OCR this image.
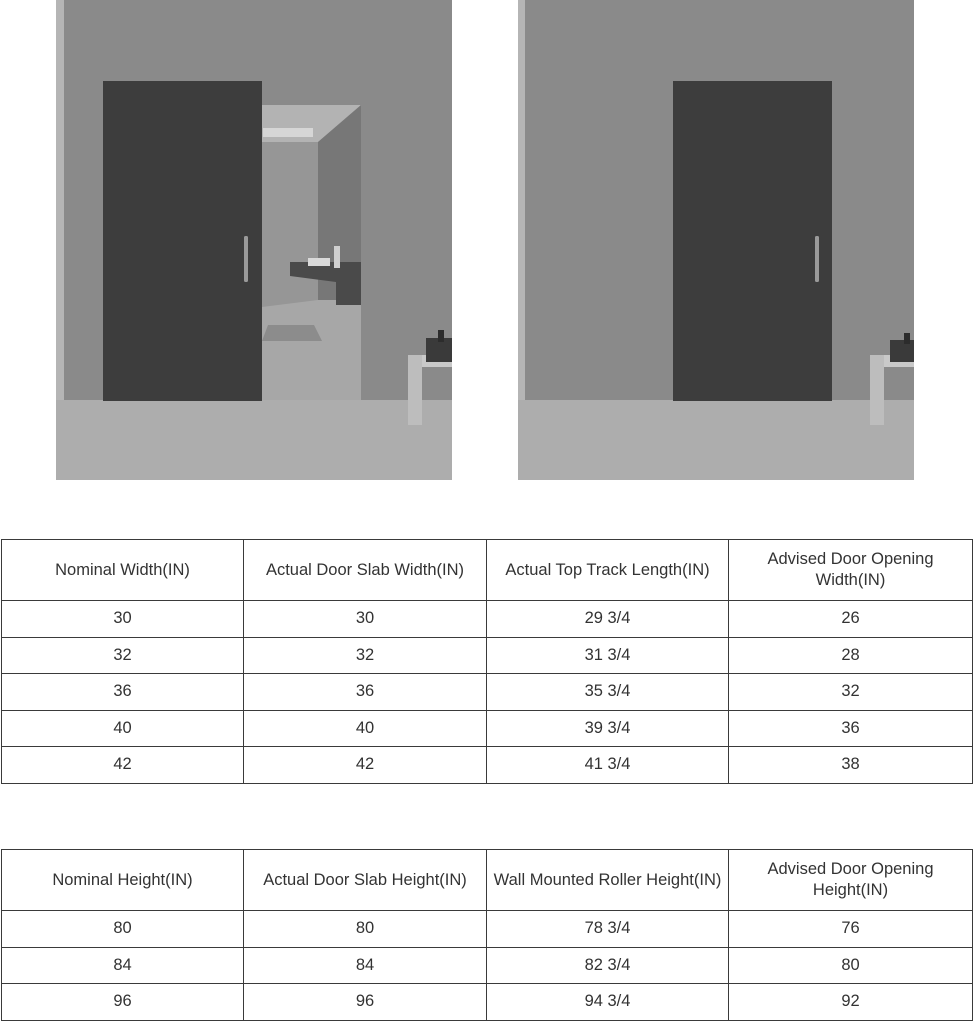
Nominal Width(IN)	Actual Door Slab Width(IN)	Actual Top Track Length(IN)	Advised Door Opening Width(IN)
30	30	29 3/4	26
32	32	31 3/4	28
36	36	35 3/4	32
40	40	39 3/4	36
42	42	41 3/4	38
Nominal Height(IN)	Actual Door Slab Height(IN)	Wall Mounted Roller Height(IN)	Advised Door Opening Height(IN)
80	80	78 3/4	76
84	84	82 3/4	80
96	96	94 3/4	92
